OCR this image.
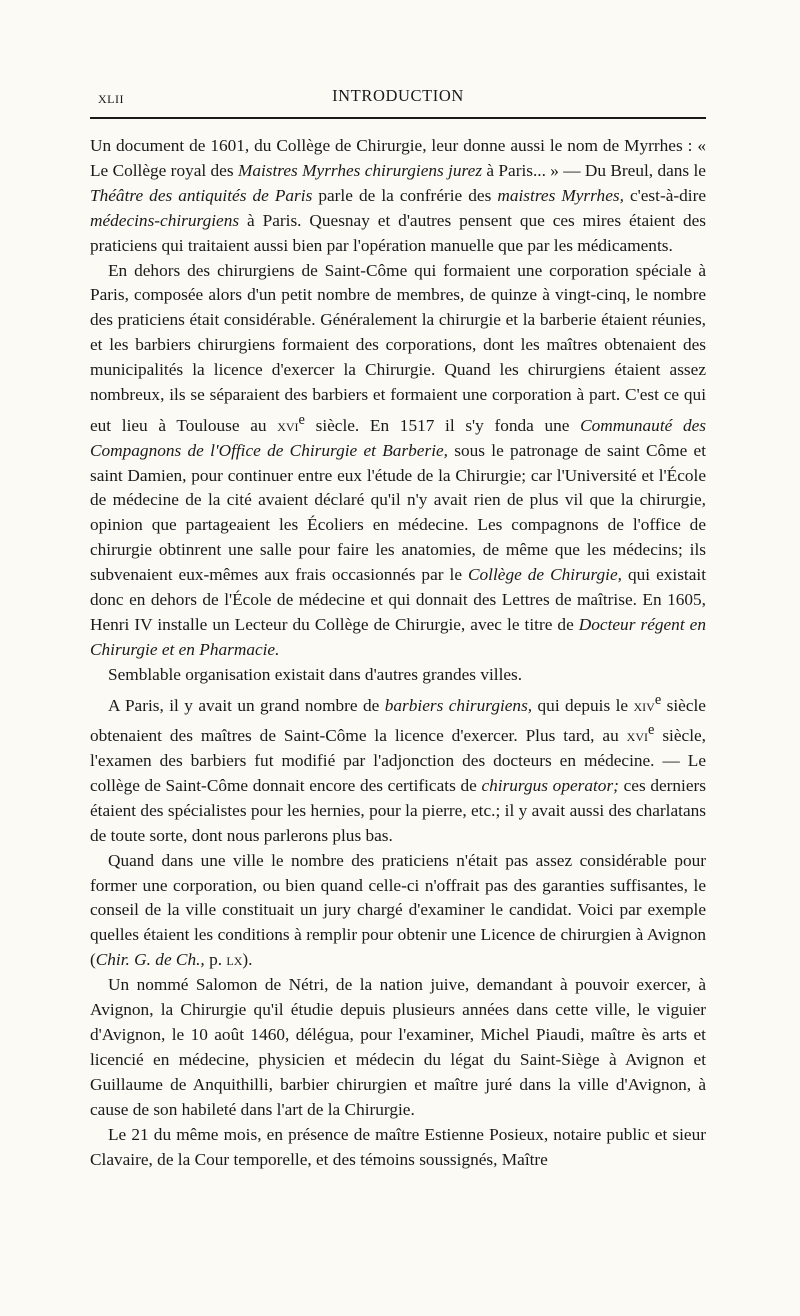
XLII	INTRODUCTION

Un document de 1601, du Collège de Chirurgie, leur donne aussi le nom de Myrrhes : « Le Collège royal des Maistres Myrrhes chirurgiens jurez à Paris... » — Du Breul, dans le Théâtre des antiquités de Paris parle de la confrérie des maistres Myrrhes, c'est-à-dire médecins-chirurgiens à Paris. Quesnay et d'autres pensent que ces mires étaient des praticiens qui traitaient aussi bien par l'opération manuelle que par les médicaments.

En dehors des chirurgiens de Saint-Côme qui formaient une corporation spéciale à Paris, composée alors d'un petit nombre de membres, de quinze à vingt-cinq, le nombre des praticiens était considérable. Généralement la chirurgie et la barberie étaient réunies, et les barbiers chirurgiens formaient des corporations, dont les maîtres obtenaient des municipalités la licence d'exercer la Chirurgie. Quand les chirurgiens étaient assez nombreux, ils se séparaient des barbiers et formaient une corporation à part. C'est ce qui eut lieu à Toulouse au xvi$^e$ siècle. En 1517 il s'y fonda une Communauté des Compagnons de l'Office de Chirurgie et Barberie, sous le patronage de saint Côme et saint Damien, pour continuer entre eux l'étude de la Chirurgie; car l'Université et l'École de médecine de la cité avaient déclaré qu'il n'y avait rien de plus vil que la chirurgie, opinion que partageaient les Écoliers en médecine. Les compagnons de l'office de chirurgie obtinrent une salle pour faire les anatomies, de même que les médecins; ils subvenaient eux-mêmes aux frais occasionnés par le Collège de Chirurgie, qui existait donc en dehors de l'École de médecine et qui donnait des Lettres de maîtrise. En 1605, Henri IV installe un Lecteur du Collège de Chirurgie, avec le titre de Docteur régent en Chirurgie et en Pharmacie.

Semblable organisation existait dans d'autres grandes villes.

A Paris, il y avait un grand nombre de barbiers chirurgiens, qui depuis le xiv$^e$ siècle obtenaient des maîtres de Saint-Côme la licence d'exercer. Plus tard, au xvi$^e$ siècle, l'examen des barbiers fut modifié par l'adjonction des docteurs en médecine. — Le collège de Saint-Côme donnait encore des certificats de chirurgus operator; ces derniers étaient des spécialistes pour les hernies, pour la pierre, etc.; il y avait aussi des charlatans de toute sorte, dont nous parlerons plus bas.

Quand dans une ville le nombre des praticiens n'était pas assez considérable pour former une corporation, ou bien quand celle-ci n'offrait pas des garanties suffisantes, le conseil de la ville constituait un jury chargé d'examiner le candidat. Voici par exemple quelles étaient les conditions à remplir pour obtenir une Licence de chirurgien à Avignon (Chir. G. de Ch., p. lx).

Un nommé Salomon de Nétri, de la nation juive, demandant à pouvoir exercer, à Avignon, la Chirurgie qu'il étudie depuis plusieurs années dans cette ville, le viguier d'Avignon, le 10 août 1460, délégua, pour l'examiner, Michel Piaudi, maître ès arts et licencié en médecine, physicien et médecin du légat du Saint-Siège à Avignon et Guillaume de Anquithilli, barbier chirurgien et maître juré dans la ville d'Avignon, à cause de son habileté dans l'art de la Chirurgie.

Le 21 du même mois, en présence de maître Estienne Posieux, notaire public et sieur Clavaire, de la Cour temporelle, et des témoins soussignés, Maître
